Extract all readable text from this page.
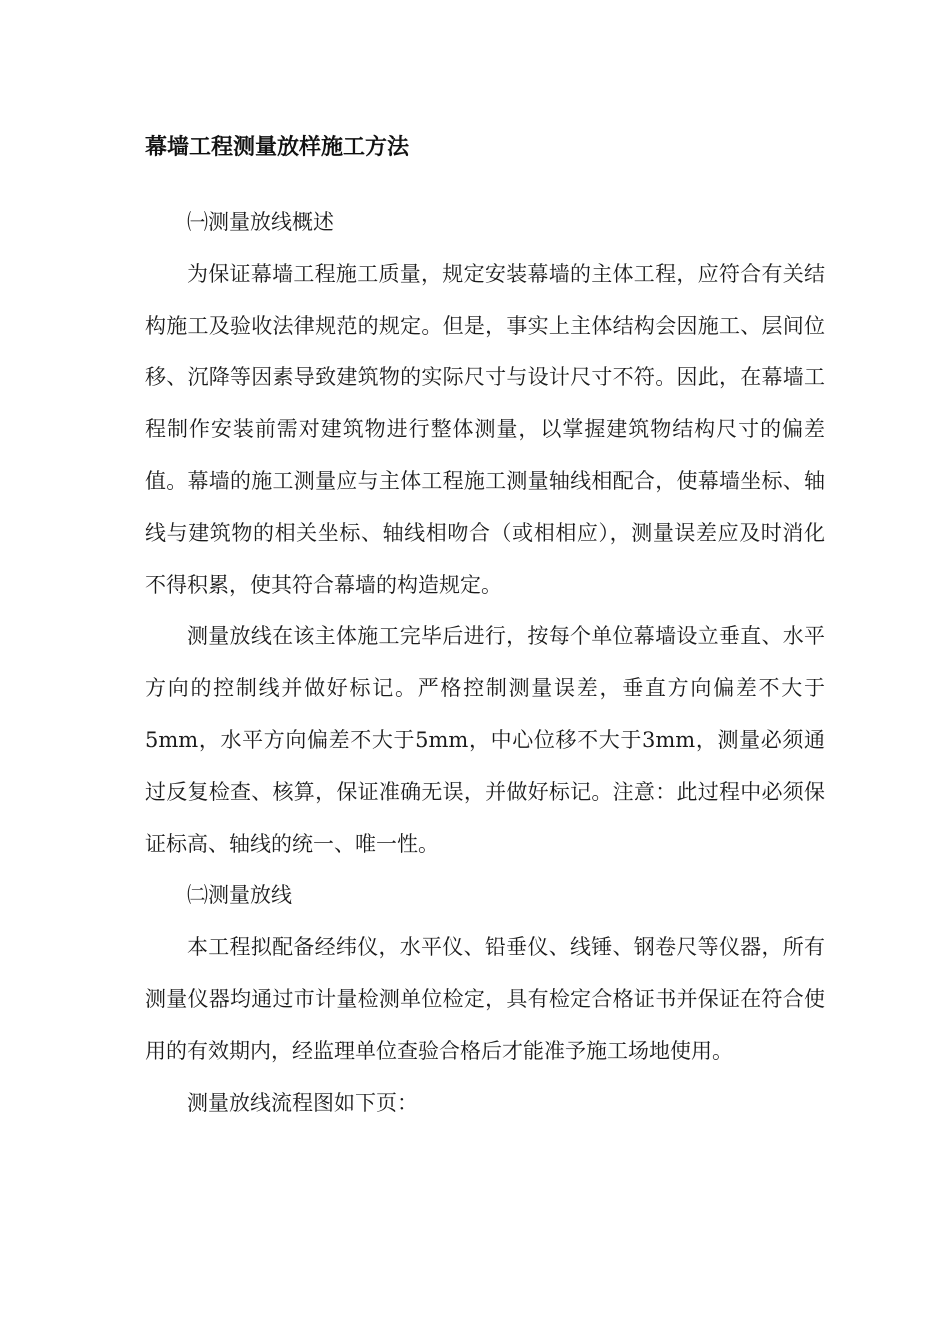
幕墙工程测量放样施工方法

㈠测量放线概述

为保证幕墙工程施工质量，规定安装幕墙的主体工程，应符合有关结构施工及验收法律规范的规定。但是，事实上主体结构会因施工、层间位移、沉降等因素导致建筑物的实际尺寸与设计尺寸不符。因此，在幕墙工程制作安装前需对建筑物进行整体测量，以掌握建筑物结构尺寸的偏差值。幕墙的施工测量应与主体工程施工测量轴线相配合，使幕墙坐标、轴线与建筑物的相关坐标、轴线相吻合（或相相应），测量误差应及时消化不得积累，使其符合幕墙的构造规定。

测量放线在该主体施工完毕后进行，按每个单位幕墙设立垂直、水平方向的控制线并做好标记。严格控制测量误差，垂直方向偏差不大于5mm，水平方向偏差不大于5mm，中心位移不大于3mm，测量必须通过反复检查、核算，保证准确无误，并做好标记。注意：此过程中必须保证标高、轴线的统一、唯一性。

㈡测量放线

本工程拟配备经纬仪，水平仪、铅垂仪、线锤、钢卷尺等仪器，所有测量仪器均通过市计量检测单位检定，具有检定合格证书并保证在符合使用的有效期内，经监理单位查验合格后才能准予施工场地使用。

测量放线流程图如下页：
